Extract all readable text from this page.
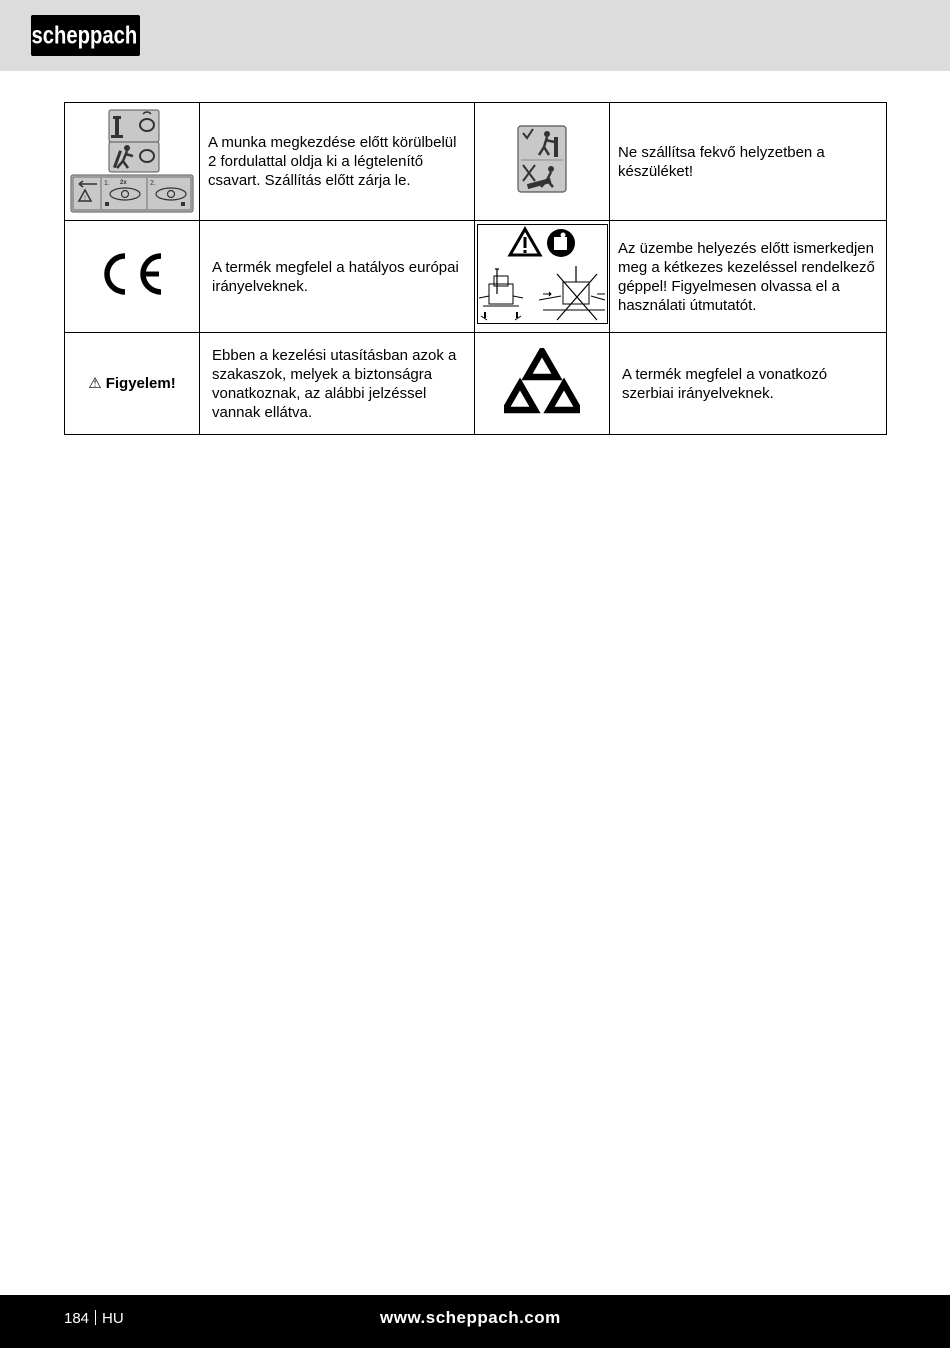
scheppach
!
1. 2x 2.	A munka megkezdése előtt körülbelül 2 fordulattal oldja ki a légtelenítő csavart. Szállítás előtt zárja le.		Ne szállítsa fekvő helyzetben a készüléket!
	A termék megfelel a hatályos európai irányelveknek.		Az üzembe helyezés előtt ismerkedjen meg a kétkezes kezeléssel rendelkező géppel! Figyelmesen olvassa el a használati útmutatót.
⚠ Figyelem!	Ebben a kezelési utasításban azok a szakaszok, melyek a biztonságra vonatkoznak, az alábbi jelzéssel vannak ellátva.		A termék megfelel a vonatkozó szerbiai irányelveknek.
184 HU	www.scheppach.com
